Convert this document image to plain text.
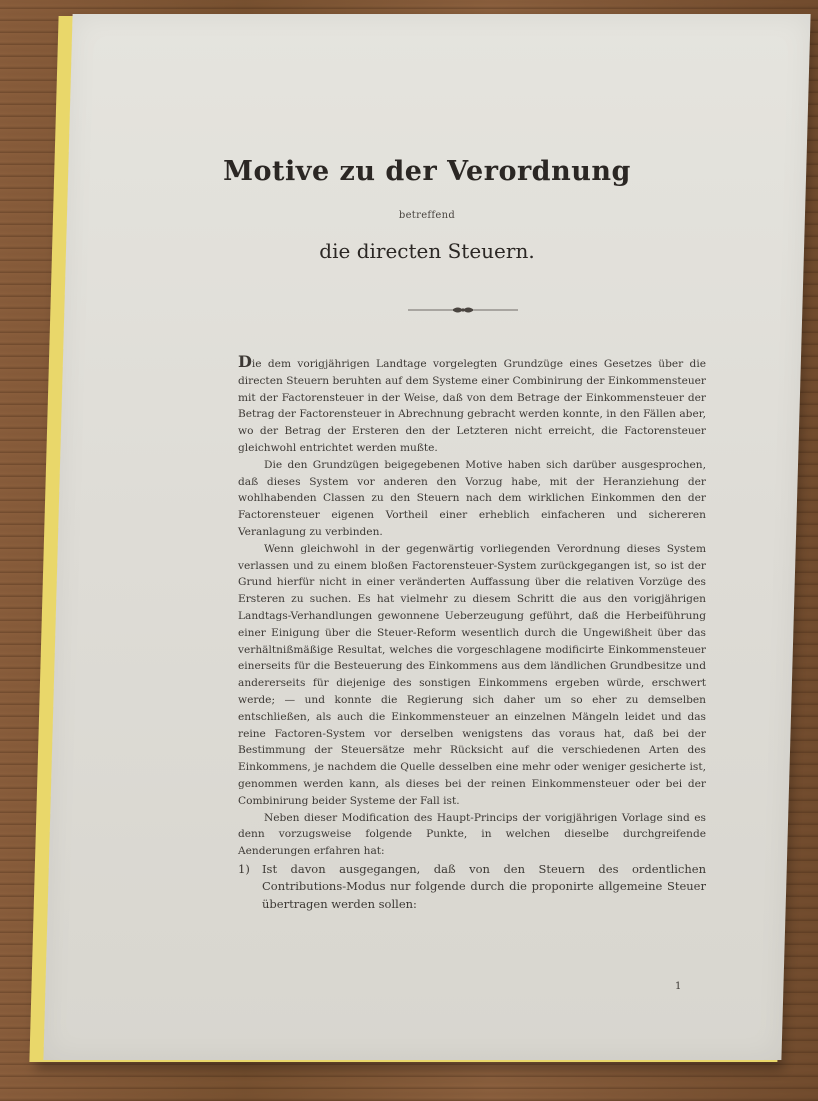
Motive zu der Verordnung
betreffend
die directen Steuern.

Die dem vorigjährigen Landtage vorgelegten Grundzüge eines Gesetzes über die directen Steuern beruhten auf dem Systeme einer Combinirung der Einkommensteuer mit der Factorensteuer in der Weise, daß von dem Betrage der Einkommensteuer der Betrag der Factorensteuer in Abrechnung gebracht werden konnte, in den Fällen aber, wo der Betrag der Ersteren den der Letzteren nicht erreicht, die Factorensteuer gleichwohl entrichtet werden mußte.

Die den Grundzügen beigegebenen Motive haben sich darüber ausgesprochen, daß dieses System vor anderen den Vorzug habe, mit der Heranziehung der wohlhabenden Classen zu den Steuern nach dem wirklichen Einkommen den der Factorensteuer eigenen Vortheil einer erheblich einfacheren und sichereren Veranlagung zu verbinden.

Wenn gleichwohl in der gegenwärtig vorliegenden Verordnung dieses System verlassen und zu einem bloßen Factorensteuer-System zurückgegangen ist, so ist der Grund hierfür nicht in einer veränderten Auffassung über die relativen Vorzüge des Ersteren zu suchen. Es hat vielmehr zu diesem Schritt die aus den vorigjährigen Landtags-Verhandlungen gewonnene Ueberzeugung geführt, daß die Herbeiführung einer Einigung über die Steuer-Reform wesentlich durch die Ungewißheit über das verhältnißmäßige Resultat, welches die vorgeschlagene modificirte Einkommensteuer einerseits für die Besteuerung des Einkommens aus dem ländlichen Grundbesitze und andererseits für diejenige des sonstigen Einkommens ergeben würde, erschwert werde; — und konnte die Regierung sich daher um so eher zu demselben entschließen, als auch die Einkommensteuer an einzelnen Mängeln leidet und das reine Factoren-System vor derselben wenigstens das voraus hat, daß bei der Bestimmung der Steuersätze mehr Rücksicht auf die verschiedenen Arten des Einkommens, je nachdem die Quelle desselben eine mehr oder weniger gesicherte ist, genommen werden kann, als dieses bei der reinen Einkommensteuer oder bei der Combinirung beider Systeme der Fall ist.

Neben dieser Modification des Haupt-Princips der vorigjährigen Vorlage sind es denn vorzugsweise folgende Punkte, in welchen dieselbe durchgreifende Aenderungen erfahren hat:

1)	Ist davon ausgegangen, daß von den Steuern des ordentlichen Contributions-Modus nur folgende durch die proponirte allgemeine Steuer übertragen werden sollen:
1
